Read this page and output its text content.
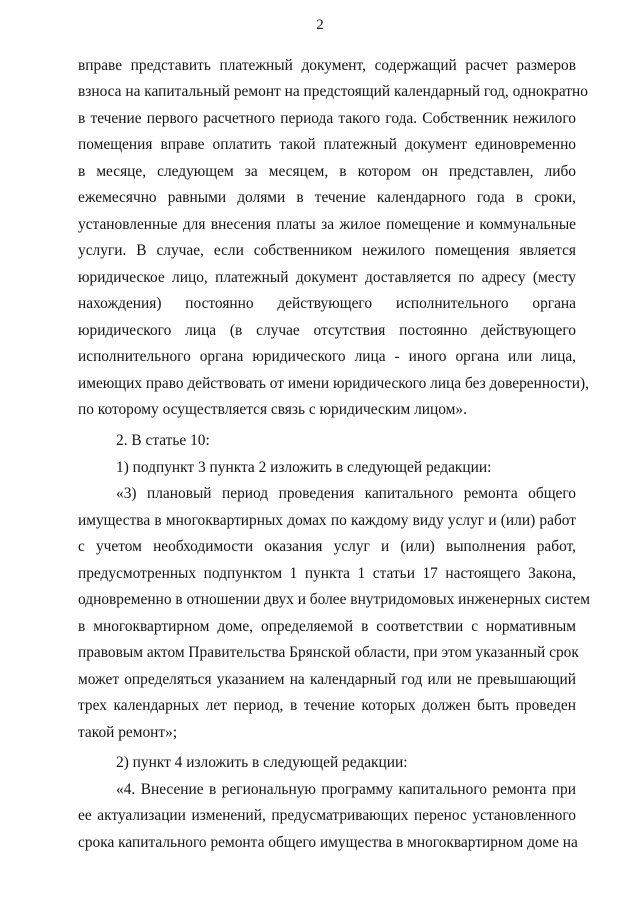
2
вправе представить платежный документ, содержащий расчет размеров
взноса на капитальный ремонт на предстоящий календарный год, однократно
в течение первого расчетного периода такого года. Собственник нежилого
помещения вправе оплатить такой платежный документ единовременно
в месяце, следующем за месяцем, в котором он представлен, либо
ежемесячно равными долями в течение календарного года в сроки,
установленные для внесения платы за жилое помещение и коммунальные
услуги. В случае, если собственником нежилого помещения является
юридическое лицо, платежный документ доставляется по адресу (месту
нахождения) постоянно действующего исполнительного органа
юридического лица (в случае отсутствия постоянно действующего
исполнительного органа юридического лица - иного органа или лица,
имеющих право действовать от имени юридического лица без доверенности),
по которому осуществляется связь с юридическим лицом».
2. В статье 10:
1) подпункт 3 пункта 2 изложить в следующей редакции:
«3) плановый период проведения капитального ремонта общего
имущества в многоквартирных домах по каждому виду услуг и (или) работ
с учетом необходимости оказания услуг и (или) выполнения работ,
предусмотренных подпунктом 1 пункта 1 статьи 17 настоящего Закона,
одновременно в отношении двух и более внутридомовых инженерных систем
в многоквартирном доме, определяемой в соответствии с нормативным
правовым актом Правительства Брянской области, при этом указанный срок
может определяться указанием на календарный год или не превышающий
трех календарных лет период, в течение которых должен быть проведен
такой ремонт»;
2) пункт 4 изложить в следующей редакции:
«4. Внесение в региональную программу капитального ремонта при
ее актуализации изменений, предусматривающих перенос установленного
срока капитального ремонта общего имущества в многоквартирном доме на
